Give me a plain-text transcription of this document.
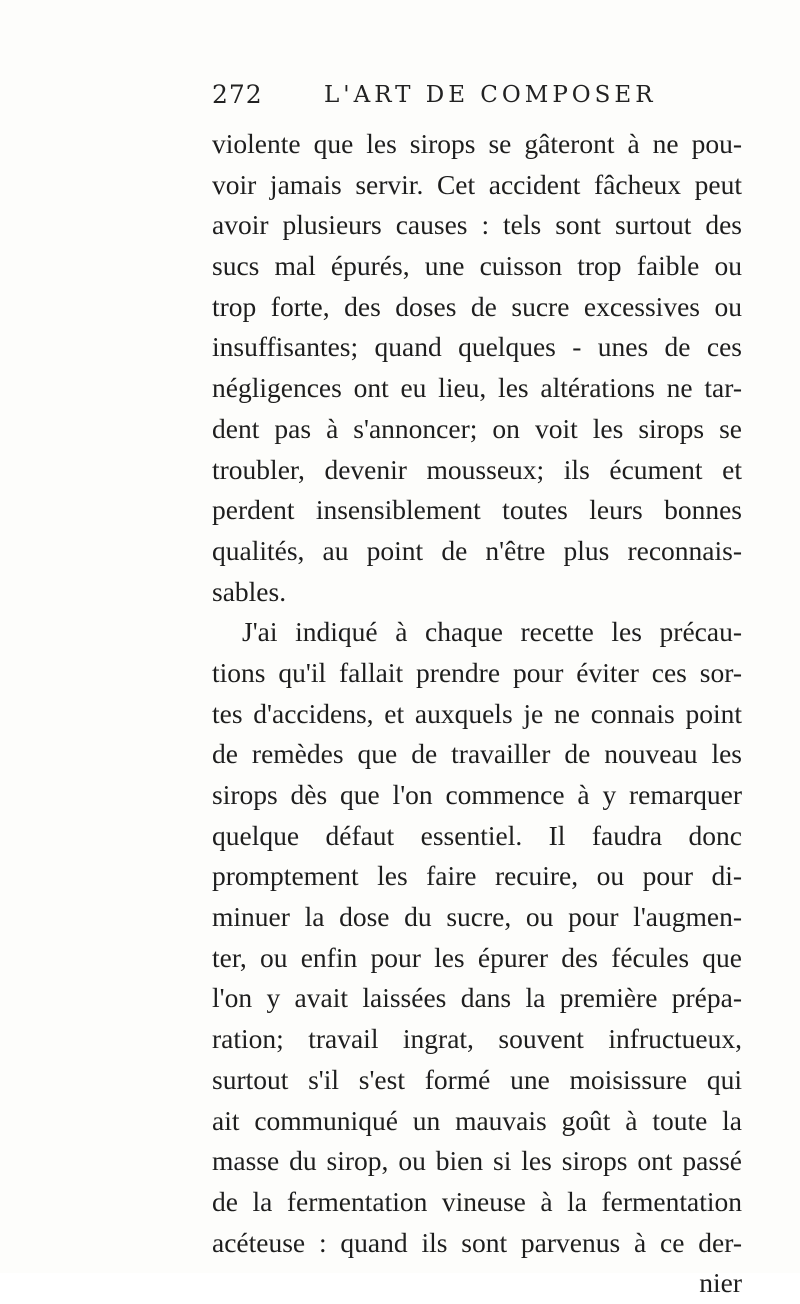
272	L'ART DE COMPOSER
violente que les sirops se gâteront à ne pou-
voir jamais servir. Cet accident fâcheux peut
avoir plusieurs causes : tels sont surtout des
sucs mal épurés, une cuisson trop faible ou
trop forte, des doses de sucre excessives ou
insuffisantes; quand quelques - unes de ces
négligences ont eu lieu, les altérations ne tar-
dent pas à s'annoncer; on voit les sirops se
troubler, devenir mousseux; ils écument et
perdent insensiblement toutes leurs bonnes
qualités, au point de n'être plus reconnais-
sables.
J'ai indiqué à chaque recette les précau-
tions qu'il fallait prendre pour éviter ces sor-
tes d'accidens, et auxquels je ne connais point
de remèdes que de travailler de nouveau les
sirops dès que l'on commence à y remarquer
quelque défaut essentiel. Il faudra donc
promptement les faire recuire, ou pour di-
minuer la dose du sucre, ou pour l'augmen-
ter, ou enfin pour les épurer des fécules que
l'on y avait laissées dans la première prépa-
ration; travail ingrat, souvent infructueux,
surtout s'il s'est formé une moisissure qui
ait communiqué un mauvais goût à toute la
masse du sirop, ou bien si les sirops ont passé
de la fermentation vineuse à la fermentation
acéteuse : quand ils sont parvenus à ce der-
nier
